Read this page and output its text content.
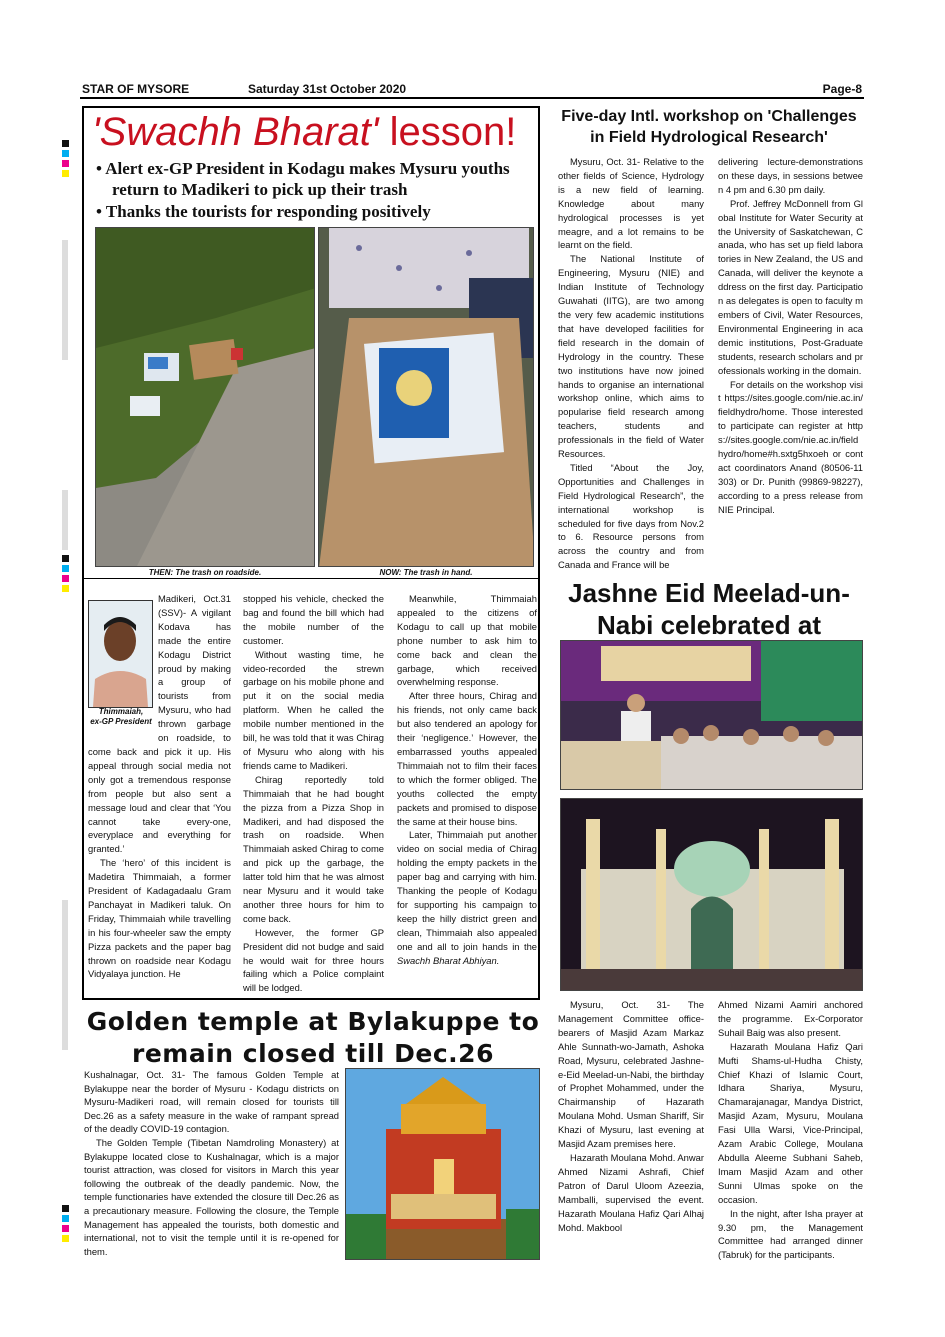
STAR OF MYSORE	Saturday 31st October 2020	Page-8
'Swachh Bharat' lesson!
• Alert ex-GP President in Kodagu makes Mysuru youths return to Madikeri to pick up their trash
• Thanks the tourists for responding positively
THEN: The trash on roadside.	NOW: The trash in hand.
Thimmaiah,
ex-GP President

Madikeri, Oct.31 (SSV)- A vigilant Kodava has made the entire Kodagu District proud by making a group of tourists from Mysuru, who had thrown garbage on roadside, to come back and pick it up. His appeal through social media not only got a tremendous response from people but also sent a message loud and clear that ‘You cannot take every-one, everyplace and everything for granted.’

The ‘hero’ of this incident is Madetira Thimmaiah, a former President of Kadagadaalu Gram Panchayat in Madikeri taluk. On Friday, Thimmaiah while travelling in his four-wheeler saw the empty Pizza packets and the paper bag thrown on roadside near Kodagu Vidyalaya junction. He

stopped his vehicle, checked the bag and found the bill which had the mobile number of the customer.

Without wasting time, he video-recorded the strewn garbage on his mobile phone and put it on the social media platform. When he called the mobile number mentioned in the bill, he was told that it was Chirag of Mysuru who along with his friends came to Madikeri.

Chirag reportedly told Thimmaiah that he had bought the pizza from a Pizza Shop in Madikeri, and had disposed the trash on roadside. When Thimmaiah asked Chirag to come and pick up the garbage, the latter told him that he was almost near Mysuru and it would take another three hours for him to come back.

However, the former GP President did not budge and said he would wait for three hours failing which a Police complaint will be lodged.

Meanwhile, Thimmaiah appealed to the citizens of Kodagu to call up that mobile phone number to ask him to come back and clean the garbage, which received overwhelming response.

After three hours, Chirag and his friends, not only came back but also tendered an apology for their ‘negligence.’ However, the embarrassed youths appealed Thimmaiah not to film their faces to which the former obliged. The youths collected the empty packets and promised to dispose the same at their house bins.

Later, Thimmaiah put another video on social media of Chirag holding the empty packets in the paper bag and carrying with him. Thanking the people of Kodagu for supporting his campaign to keep the hilly district green and clean, Thimmaiah also appealed one and all to join hands in the Swachh Bharat Abhiyan.

Five-day Intl. workshop on 'Challenges in Field Hydrological Research'

Mysuru, Oct. 31- Relative to the other fields of Science, Hydrology is a new field of learning. Knowledge about many hydrological processes is yet meagre, and a lot remains to be learnt on the field.

The National Institute of Engineering, Mysuru (NIE) and Indian Institute of Technology Guwahati (IITG), are two among the very few academic institutions that have developed facilities for field research in the domain of Hydrology in the country. These two institutions have now joined hands to organise an international workshop online, which aims to popularise field research among teachers, students and professionals in the field of Water Resources.

Titled “About the Joy, Opportunities and Challenges in Field Hydrological Research”, the international workshop is scheduled for five days from Nov.2 to 6. Resource persons from across the country and from Canada and France will be

delivering lecture-demonstrations on these days, in sessions between 4 pm and 6.30 pm daily.

Prof. Jeffrey McDonnell from Global Institute for Water Security at the University of Saskatchewan, Canada, who has set up field laboratories in New Zealand, the US and Canada, will deliver the keynote address on the first day. Participation as delegates is open to faculty members of Civil, Water Resources, Environmental Engineering in academic institutions, Post-Graduate students, research scholars and professionals working in the domain.

For details on the workshop visit https://sites.google.com/nie.ac.in/fieldhydro/home. Those interested to participate can register at https://sites.google.com/nie.ac.in/fieldhydro/home#h.sxtg5hxoeh or contact coordinators Anand (80506-11303) or Dr. Punith (99869-98227), according to a press release from NIE Principal.

Jashne Eid Meelad-un-Nabi celebrated at

Mysuru, Oct. 31- The Management Committee office-bearers of Masjid Azam Markaz Ahle Sunnath-wo-Jamath, Ashoka Road, Mysuru, celebrated Jashne-e-Eid Meelad-un-Nabi, the birthday of Prophet Mohammed, under the Chairmanship of Hazarath Moulana Mohd. Usman Shariff, Sir Khazi of Mysuru, last evening at Masjid Azam premises here.

Hazarath Moulana Mohd. Anwar Ahmed Nizami Ashrafi, Chief Patron of Darul Uloom Azeezia, Mamballi, supervised the event. Hazarath Moulana Hafiz Qari Alhaj Mohd. Makbool

Ahmed Nizami Aamiri anchored the programme. Ex-Corporator Suhail Baig was also present.

Hazarath Moulana Hafiz Qari Mufti Shams-ul-Hudha Chisty, Chief Khazi of Islamic Court, Idhara Shariya, Mysuru, Chamarajanagar, Mandya District, Masjid Azam, Mysuru, Moulana Fasi Ulla Warsi, Vice-Principal, Azam Arabic College, Moulana Abdulla Aleeme Subhani Saheb, Imam Masjid Azam and other Sunni Ulmas spoke on the occasion.

In the night, after Isha prayer at 9.30 pm, the Management Committee had arranged dinner (Tabruk) for the participants.

Golden temple at Bylakuppe to remain closed till Dec.26

Kushalnagar, Oct. 31- The famous Golden Temple at Bylakuppe near the border of Mysuru - Kodagu districts on Mysuru-Madikeri road, will remain closed for tourists till Dec.26 as a safety measure in the wake of rampant spread of the deadly COVID-19 contagion.

The Golden Temple (Tibetan Namdroling Monastery) at Bylakuppe located close to Kushalnagar, which is a major tourist attraction, was closed for visitors in March this year following the outbreak of the deadly pandemic. Now, the temple functionaries have extended the closure till Dec.26 as a precautionary measure. Following the closure, the Temple Management has appealed the tourists, both domestic and international, not to visit the temple until it is re-opened for them.
